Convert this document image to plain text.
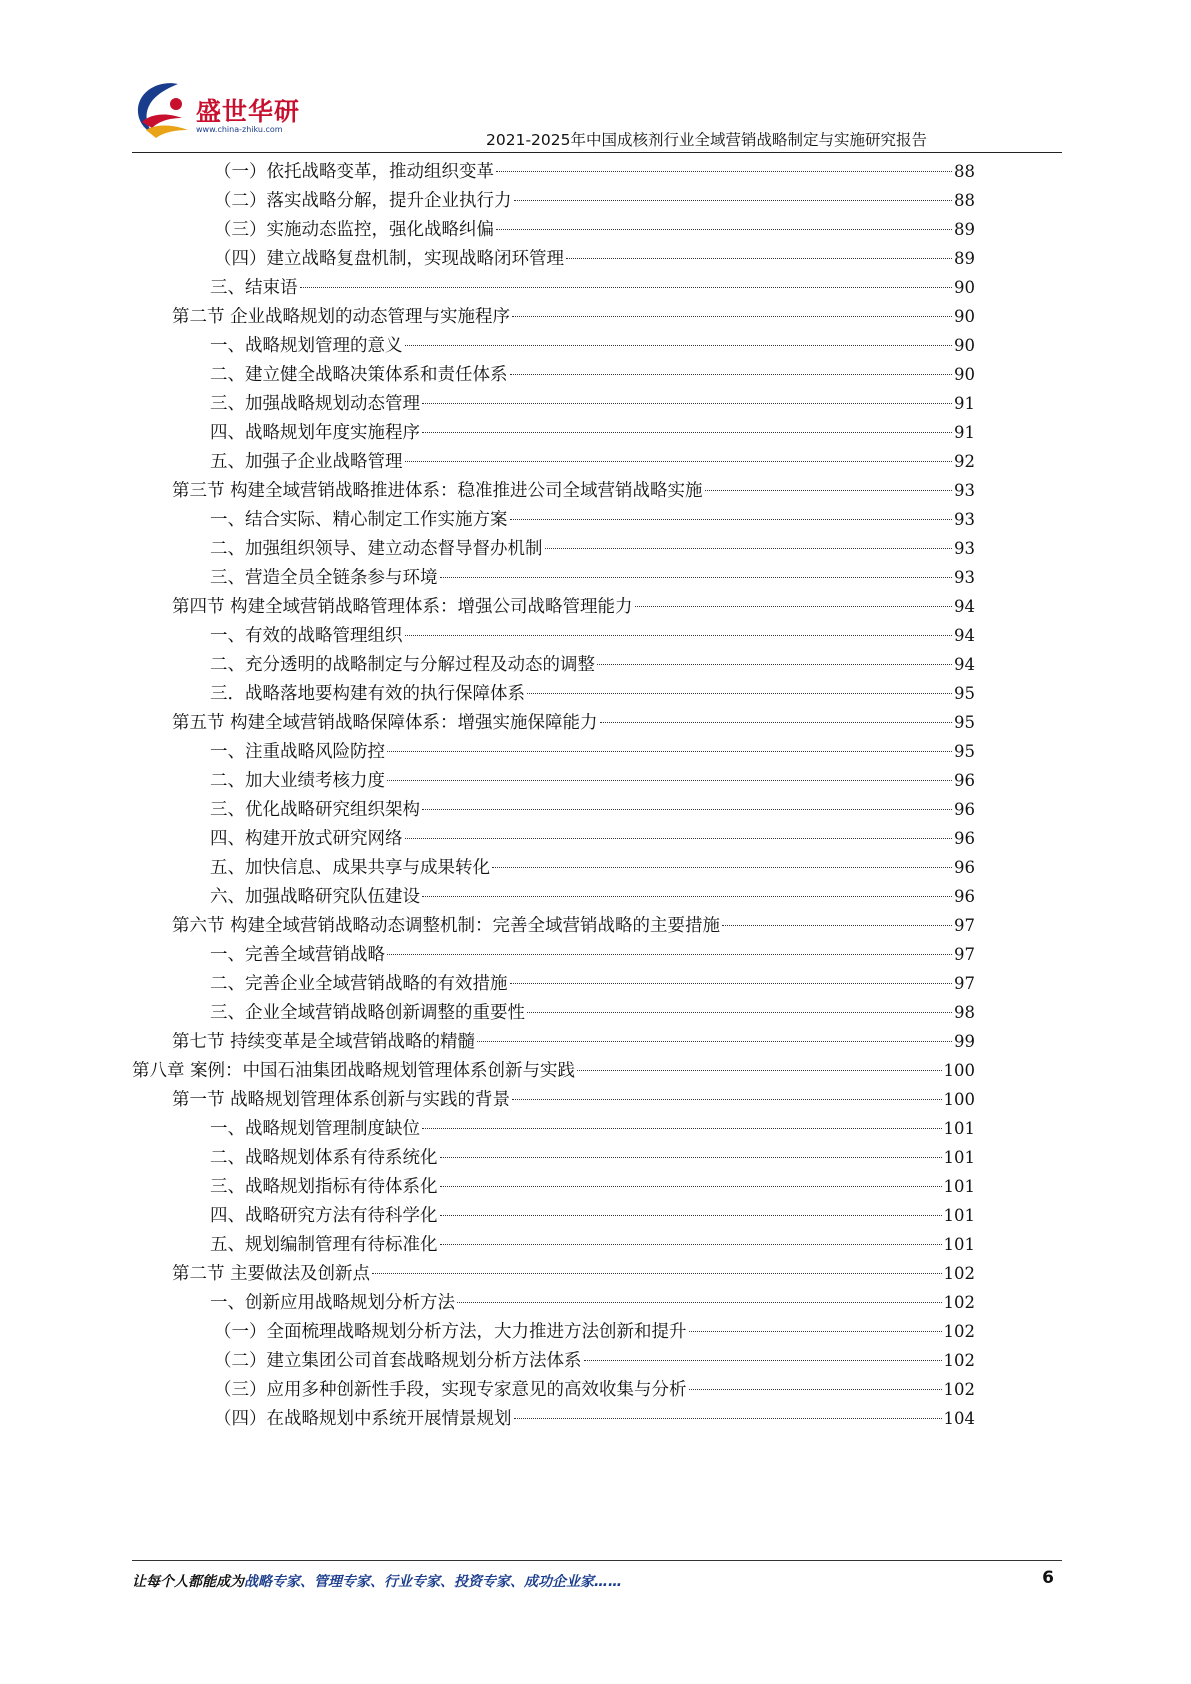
盛世华研
www.china-zhiku.com
2021-2025年中国成核剂行业全域营销战略制定与实施研究报告
（一）依托战略变革，推动组织变革	88
（二）落实战略分解，提升企业执行力	88
（三）实施动态监控，强化战略纠偏	89
（四）建立战略复盘机制，实现战略闭环管理	89
三、结束语	90
第二节 企业战略规划的动态管理与实施程序	90
一、战略规划管理的意义	90
二、建立健全战略决策体系和责任体系	90
三、加强战略规划动态管理	91
四、战略规划年度实施程序	91
五、加强子企业战略管理	92
第三节 构建全域营销战略推进体系：稳准推进公司全域营销战略实施	93
一、结合实际、精心制定工作实施方案	93
二、加强组织领导、建立动态督导督办机制	93
三、营造全员全链条参与环境	93
第四节 构建全域营销战略管理体系：增强公司战略管理能力	94
一、有效的战略管理组织	94
二、充分透明的战略制定与分解过程及动态的调整	94
三．战略落地要构建有效的执行保障体系	95
第五节 构建全域营销战略保障体系：增强实施保障能力	95
一、注重战略风险防控	95
二、加大业绩考核力度	96
三、优化战略研究组织架构	96
四、构建开放式研究网络	96
五、加快信息、成果共享与成果转化	96
六、加强战略研究队伍建设	96
第六节 构建全域营销战略动态调整机制：完善全域营销战略的主要措施	97
一、完善全域营销战略	97
二、完善企业全域营销战略的有效措施	97
三、企业全域营销战略创新调整的重要性	98
第七节 持续变革是全域营销战略的精髓	99
第八章 案例：中国石油集团战略规划管理体系创新与实践	100
第一节 战略规划管理体系创新与实践的背景	100
一、战略规划管理制度缺位	101
二、战略规划体系有待系统化	101
三、战略规划指标有待体系化	101
四、战略研究方法有待科学化	101
五、规划编制管理有待标准化	101
第二节 主要做法及创新点	102
一、创新应用战略规划分析方法	102
（一）全面梳理战略规划分析方法，大力推进方法创新和提升	102
（二）建立集团公司首套战略规划分析方法体系	102
（三）应用多种创新性手段，实现专家意见的高效收集与分析	102
（四）在战略规划中系统开展情景规划	104
让每个人都能成为战略专家、管理专家、行业专家、投资专家、成功企业家……	6
